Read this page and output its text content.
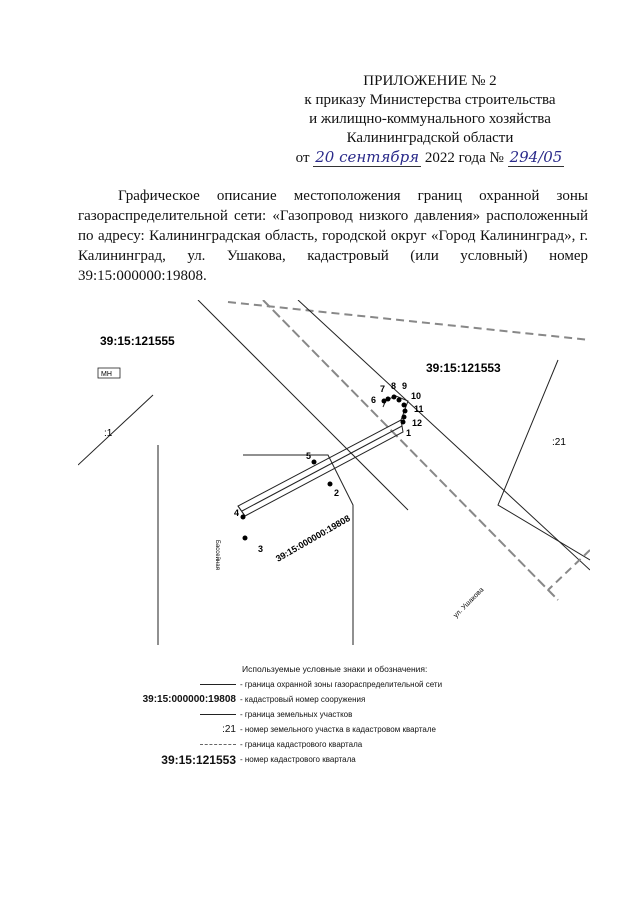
ПРИЛОЖЕНИЕ № 2
к приказу Министерства строительства
и жилищно-коммунального хозяйства
Калининградской области
от 20 сентября 2022 года № 294/05
Графическое описание местоположения границ охранной зоны газораспределительной сети: «Газопровод низкого давления» расположенный по адресу: Калининградская область, городской округ «Город Калининград», г. Калининград, ул. Ушакова, кадастровый (или условный) номер 39:15:000000:19808.
1
2
3
4
5
6
7 8 9
10
11
12
39:15:121555
39:15:121553
:1
:21
МН
39:15:000000:19808
ул. Ушакова
Бассейная
Используемые условные знаки и обозначения:
- граница охранной зоны газораспределительной сети
39:15:000000:19808 - кадастровый номер сооружения
- граница земельных участков
:21 - номер земельного участка в кадастровом квартале
- граница кадастрового квартала
39:15:121553 - номер кадастрового квартала
